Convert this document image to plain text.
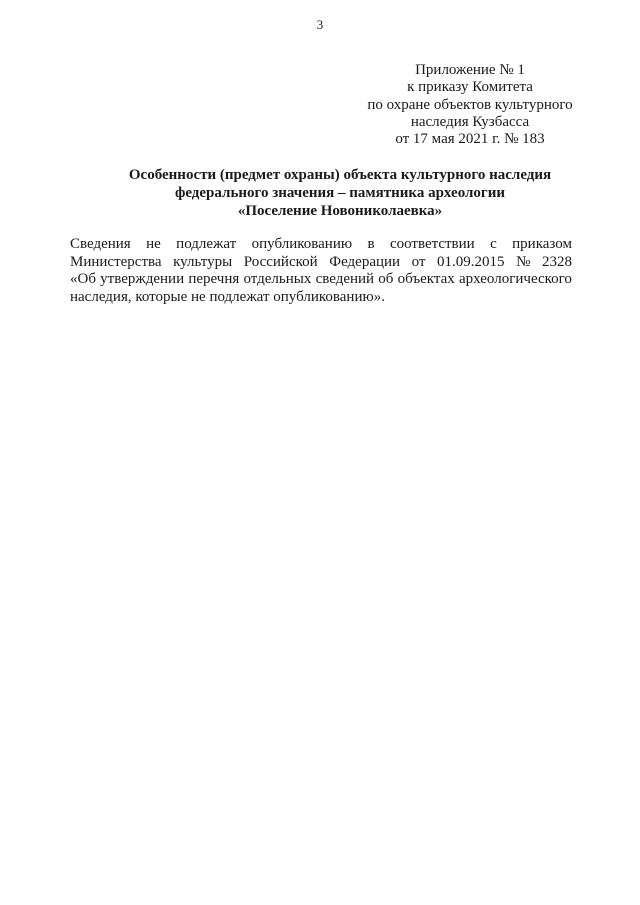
3
Приложение № 1
к приказу Комитета
по охране объектов культурного
наследия Кузбасса
от 17 мая 2021 г. № 183
Особенности (предмет охраны) объекта культурного наследия
федерального значения – памятника археологии
«Поселение Новониколаевка»
Сведения не подлежат опубликованию в соответствии с приказом
Министерства культуры Российской Федерации от 01.09.2015 № 2328
«Об утверждении перечня отдельных сведений об объектах археологического
наследия, которые не подлежат опубликованию».
